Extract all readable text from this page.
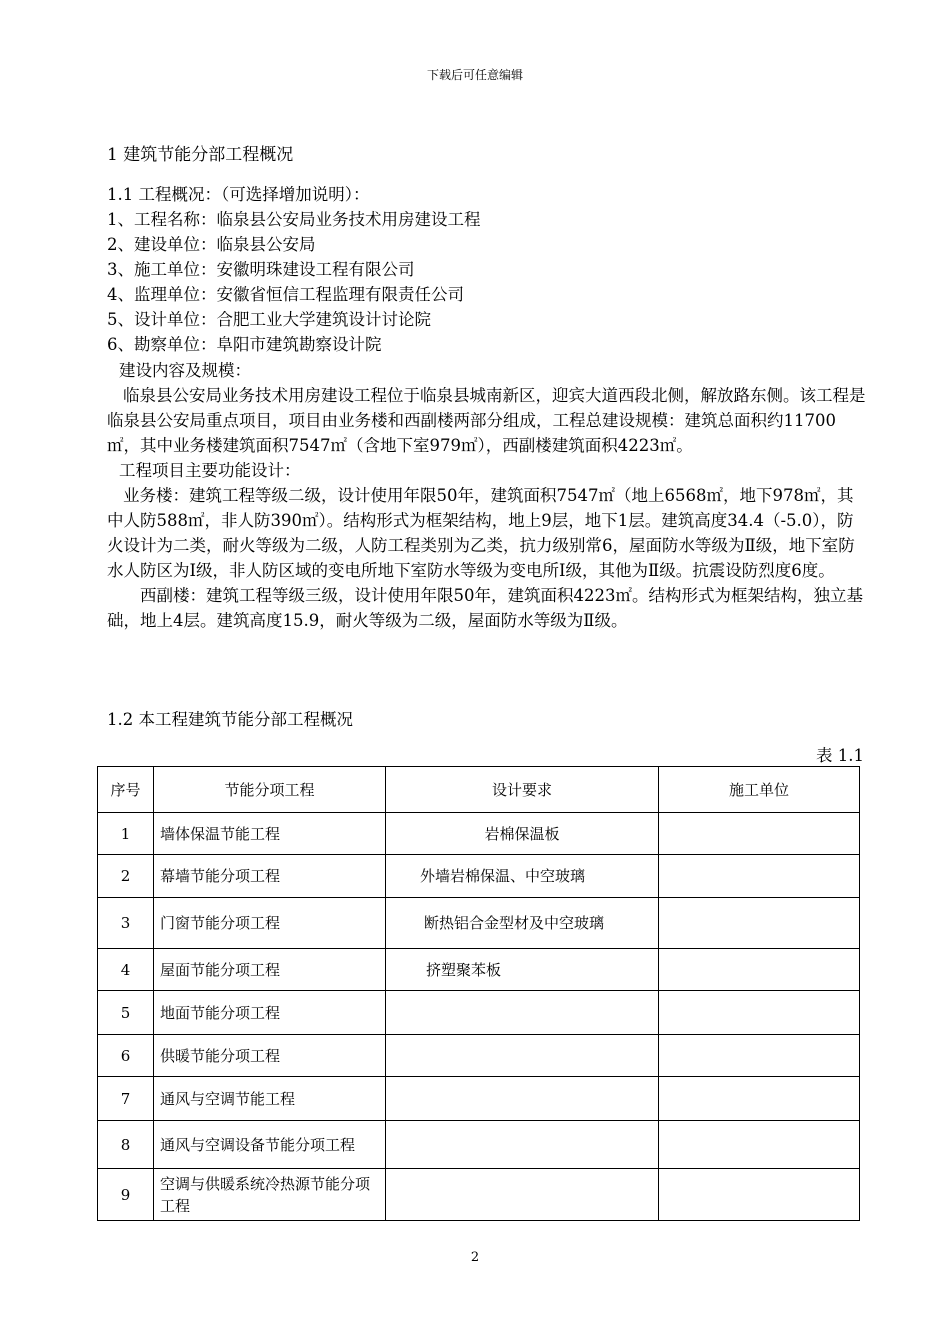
下载后可任意编辑
1 建筑节能分部工程概况
1.1 工程概况：（可选择增加说明）：
1、工程名称：临泉县公安局业务技术用房建设工程
2、建设单位：临泉县公安局
3、施工单位：安徽明珠建设工程有限公司
4、监理单位：安徽省恒信工程监理有限责任公司
5、设计单位：合肥工业大学建筑设计讨论院
6、勘察单位：阜阳市建筑勘察设计院

建设内容及规模：

临泉县公安局业务技术用房建设工程位于临泉县城南新区，迎宾大道西段北侧，解放路东侧。该工程是临泉县公安局重点项目，项目由业务楼和西副楼两部分组成，工程总建设规模：建筑总面积约11700㎡，其中业务楼建筑面积7547㎡（含地下室979㎡），西副楼建筑面积4223㎡。

工程项目主要功能设计：

业务楼：建筑工程等级二级，设计使用年限50年，建筑面积7547㎡（地上6568㎡，地下978㎡，其中人防588㎡，非人防390㎡）。结构形式为框架结构，地上9层，地下1层。建筑高度34.4（-5.0），防火设计为二类，耐火等级为二级，人防工程类别为乙类，抗力级别常6，屋面防水等级为Ⅱ级，地下室防水人防区为Ⅰ级，非人防区域的变电所地下室防水等级为变电所Ⅰ级，其他为Ⅱ级。抗震设防烈度6度。

西副楼：建筑工程等级三级，设计使用年限50年，建筑面积4223㎡。结构形式为框架结构，独立基础，地上4层。建筑高度15.9，耐火等级为二级，屋面防水等级为Ⅱ级。

1.2 本工程建筑节能分部工程概况
表 1.1
序号	节能分项工程	设计要求	施工单位
1	墙体保温节能工程	岩棉保温板	
2	幕墙节能分项工程	外墙岩棉保温、中空玻璃	
3	门窗节能分项工程	断热铝合金型材及中空玻璃	
4	屋面节能分项工程	挤塑聚苯板	
5	地面节能分项工程		
6	供暖节能分项工程		
7	通风与空调节能工程		
8	通风与空调设备节能分项工程		
9	空调与供暖系统冷热源节能分项工程		
2
